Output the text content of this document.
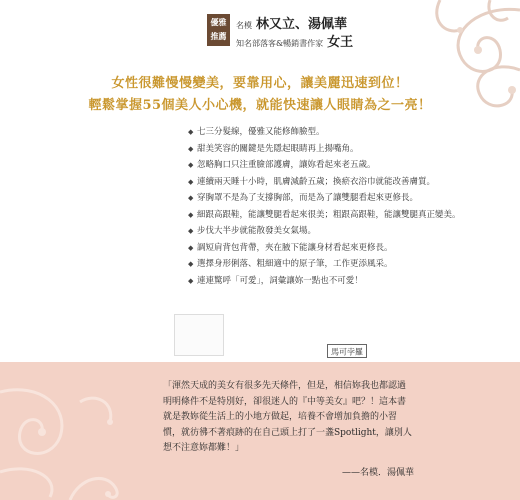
優雅
推薦
名模 林又立、湯佩華
知名部落客&暢銷書作家 女王
女性很難慢慢變美，要靠用心，讓美麗迅速到位！
輕鬆掌握55個美人小心機，就能快速讓人眼睛為之一亮！
◆ 七三分髮線，優雅又能修飾臉型。
◆ 甜美笑容的關鍵是先隱起眼睛再上揚嘴角。
◆ 忽略胸口只注重臉部護膚，讓妳看起來老五歲。
◆ 連續兩天睡十小時，肌膚減齡五歲；換瘀衣浴巾就能改善膚質。
◆ 穿胸罩不是為了支撐胸部，而是為了讓雙腿看起來更修長。
◆ 細跟高跟鞋，能讓雙腿看起來很美；粗跟高跟鞋，能讓雙腿真正變美。
◆ 步伐大半步就能散發美女氣場。
◆ 調短肩背包背帶，夾在腋下能讓身材看起來更修長。
◆ 選擇身形俐落、粗細適中的原子筆，工作更添風采。
◆ 連連驚呼「可愛」，詞彙讓妳一點也不可愛！
馬可孛羅

「渾然天成的美女有很多先天條件，但是，相信妳我也都認過明明條件不是特別好，卻很迷人的『中等美女』吧？！這本書就是教妳從生活上的小地方做起，培養不會增加負擔的小習慣，就彷彿不著痕跡的在自己頭上打了一盞Spotlight，讓別人想不注意妳都難！」

——名模．湯佩華
